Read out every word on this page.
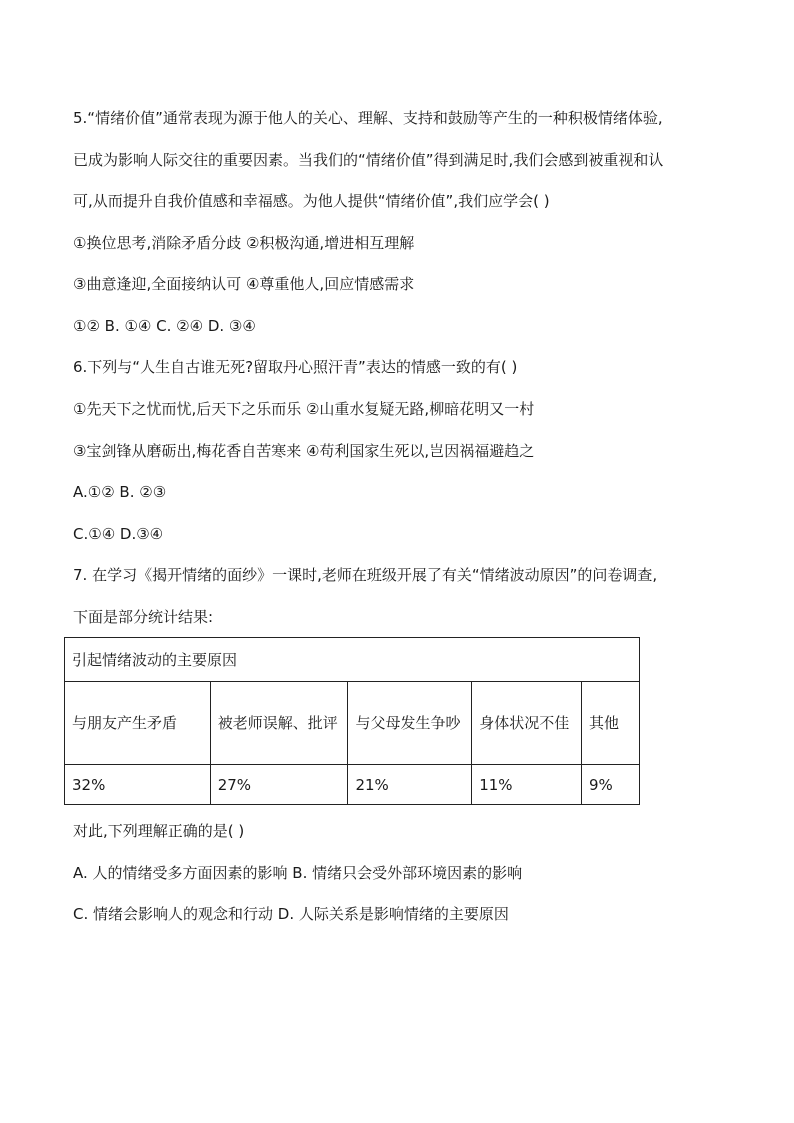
5.“情绪价值”通常表现为源于他人的关心、理解、支持和鼓励等产生的一种积极情绪体验,
已成为影响人际交往的重要因素。当我们的“情绪价值”得到满足时,我们会感到被重视和认
可,从而提升自我价值感和幸福感。为他人提供“情绪价值”,我们应学会( )
①换位思考,消除矛盾分歧 ②积极沟通,增进相互理解
③曲意逢迎,全面接纳认可 ④尊重他人,回应情感需求
①② B. ①④ C. ②④ D. ③④
6.下列与“人生自古谁无死?留取丹心照汗青”表达的情感一致的有( )
①先天下之忧而忧,后天下之乐而乐 ②山重水复疑无路,柳暗花明又一村
③宝剑锋从磨砺出,梅花香自苦寒来 ④苟利国家生死以,岂因祸福避趋之
A.①② B. ②③
C.①④ D.③④
7. 在学习《揭开情绪的面纱》一课时,老师在班级开展了有关“情绪波动原因”的问卷调查,
下面是部分统计结果:
引起情绪波动的主要原因				
与朋友产生矛盾	被老师误解、批评	与父母发生争吵	身体状况不佳	其他
32%	27%	21%	11%	9%
对此,下列理解正确的是( )
A. 人的情绪受多方面因素的影响 B. 情绪只会受外部环境因素的影响
C. 情绪会影响人的观念和行动 D. 人际关系是影响情绪的主要原因
